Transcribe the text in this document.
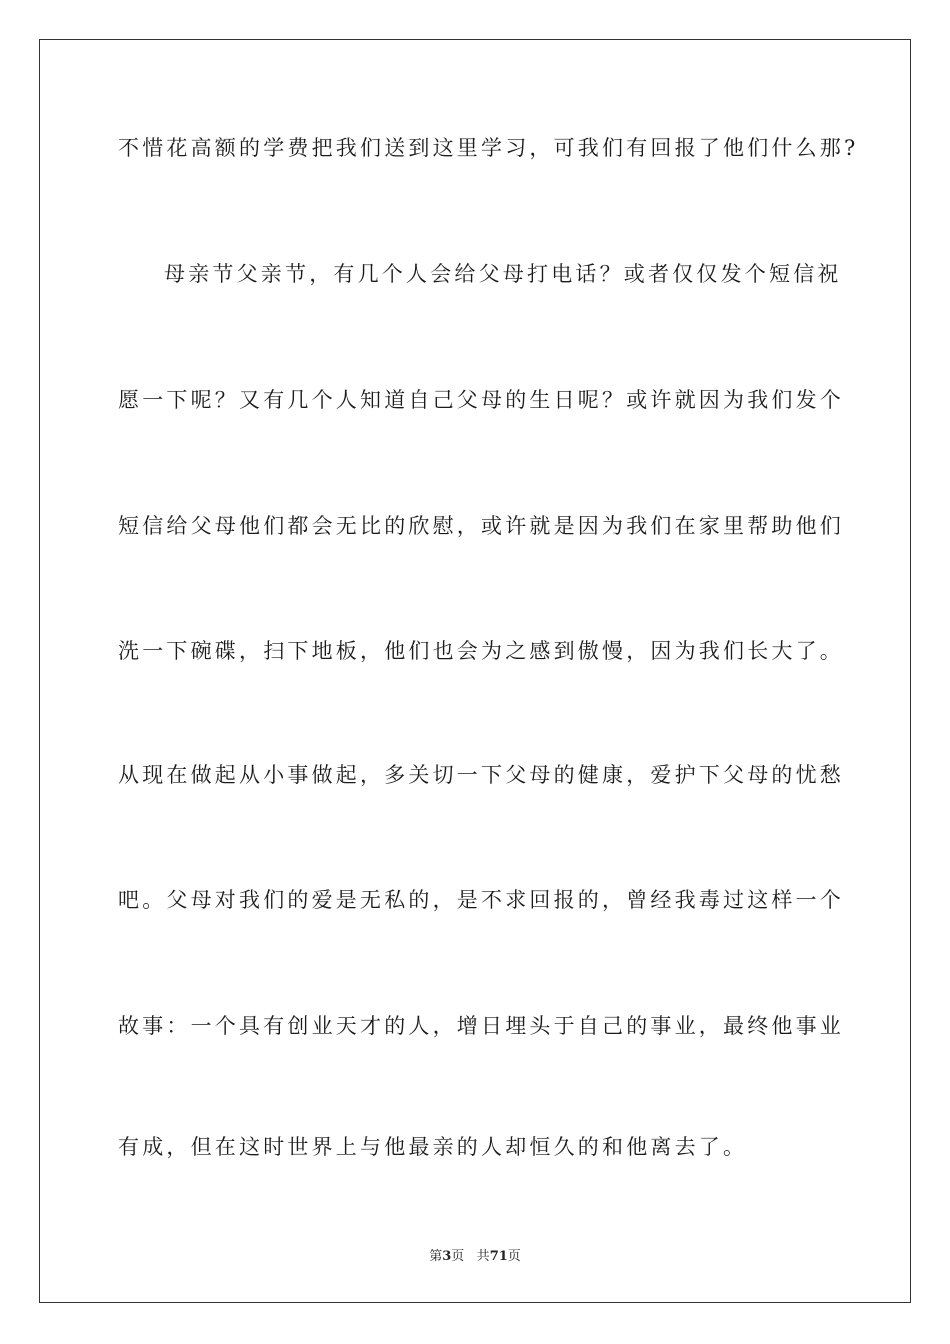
不惜花高额的学费把我们送到这里学习，可我们有回报了他们什么那?
母亲节父亲节，有几个人会给父母打电话？或者仅仅发个短信祝
愿一下呢？又有几个人知道自己父母的生日呢？或许就因为我们发个
短信给父母他们都会无比的欣慰，或许就是因为我们在家里帮助他们
洗一下碗碟，扫下地板，他们也会为之感到傲慢，因为我们长大了。
从现在做起从小事做起，多关切一下父母的健康，爱护下父母的忧愁
吧。父母对我们的爱是无私的，是不求回报的，曾经我毒过这样一个
故事：一个具有创业天才的人，增日埋头于自己的事业，最终他事业
有成，但在这时世界上与他最亲的人却恒久的和他离去了。
第3页 共71页
